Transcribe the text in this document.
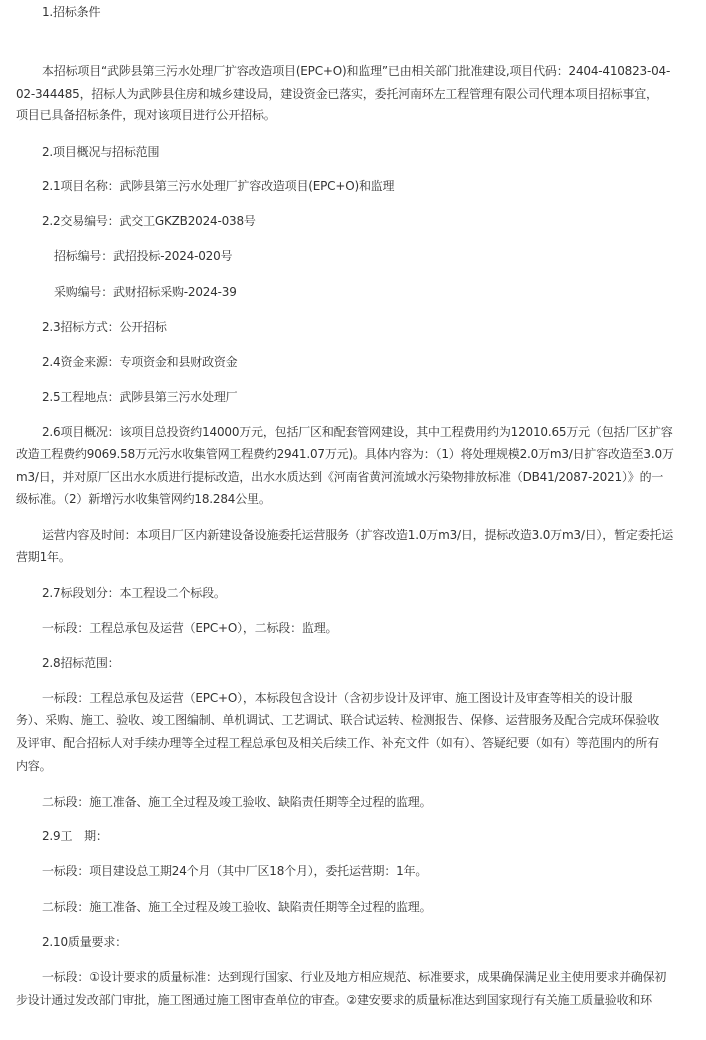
1.招标条件
本招标项目“武陟县第三污水处理厂扩容改造项目(EPC+O)和监理”已由相关部门批准建设,项目代码：2404-410823-04-
02-344485，招标人为武陟县住房和城乡建设局，建设资金已落实，委托河南环左工程管理有限公司代理本项目招标事宜，
项目已具备招标条件，现对该项目进行公开招标。
2.项目概况与招标范围
2.1项目名称：武陟县第三污水处理厂扩容改造项目(EPC+O)和监理
2.2交易编号：武交工GKZB2024-038号
招标编号：武招投标-2024-020号
采购编号：武财招标采购-2024-39
2.3招标方式：公开招标
2.4资金来源：专项资金和县财政资金
2.5工程地点：武陟县第三污水处理厂
2.6项目概况：该项目总投资约14000万元，包括厂区和配套管网建设，其中工程费用约为12010.65万元（包括厂区扩容
改造工程费约9069.58万元污水收集管网工程费约2941.07万元)。具体内容为：（1）将处理规模2.0万m3/日扩容改造至3.0万
m3/日，并对原厂区出水水质进行提标改造，出水水质达到《河南省黄河流域水污染物排放标准（DB41/2087-2021）》的一
级标准。（2）新增污水收集管网约18.284公里。
运营内容及时间：本项目厂区内新建设备设施委托运营服务（扩容改造1.0万m3/日，提标改造3.0万m3/日），暂定委托运
营期1年。
2.7标段划分：本工程设二个标段。
一标段：工程总承包及运营（EPC+O），二标段：监理。
2.8招标范围：
一标段：工程总承包及运营（EPC+O），本标段包含设计（含初步设计及评审、施工图设计及审查等相关的设计服
务）、采购、施工、验收、竣工图编制、单机调试、工艺调试、联合试运转、检测报告、保修、运营服务及配合完成环保验收
及评审、配合招标人对手续办理等全过程工程总承包及相关后续工作、补充文件（如有）、答疑纪要（如有）等范围内的所有
内容。
二标段：施工准备、施工全过程及竣工验收、缺陷责任期等全过程的监理。
2.9工　期：
一标段：项目建设总工期24个月（其中厂区18个月），委托运营期：1年。
二标段：施工准备、施工全过程及竣工验收、缺陷责任期等全过程的监理。
2.10质量要求：
一标段：①设计要求的质量标准：达到现行国家、行业及地方相应规范、标准要求，成果确保满足业主使用要求并确保初
步设计通过发改部门审批，施工图通过施工图审查单位的审查。②建安要求的质量标准达到国家现行有关施工质量验收和环
